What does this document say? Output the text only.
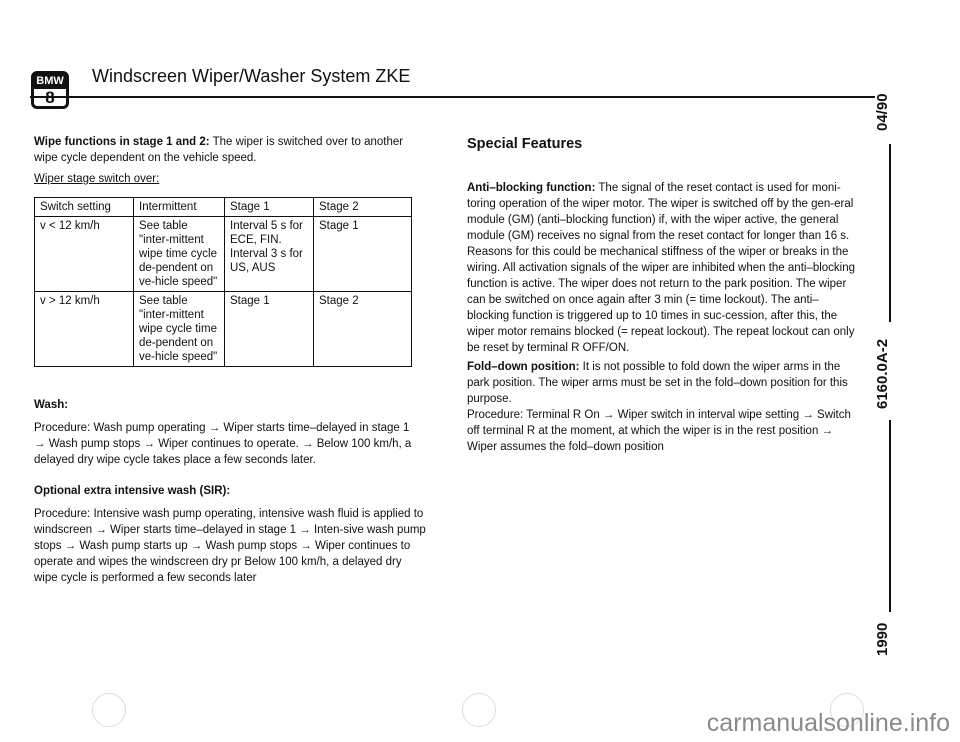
BMW Windscreen Wiper/Washer System ZKE
04/90
6160.0A-2
1990
Wipe functions in stage 1 and 2: The wiper is switched over to another wipe cycle dependent on the vehicle speed.
Wiper stage switch over:
Switch setting	Intermittent	Stage 1	Stage 2
v < 12 km/h	See table "inter-mittent wipe time cycle de-pendent on ve-hicle speed"	Interval 5 s for ECE, FIN. Interval 3 s for US, AUS	Stage 1
v > 12 km/h	See table "inter-mittent wipe cycle time de-pendent on ve-hicle speed"	Stage 1	Stage 2
Wash:
Procedure: Wash pump operating → Wiper starts time–delayed in stage 1 → Wash pump stops → Wiper continues to operate. → Below 100 km/h, a delayed dry wipe cycle takes place a few seconds later.
Optional extra intensive wash (SIR):
Procedure: Intensive wash pump operating, intensive wash fluid is applied to windscreen → Wiper starts time–delayed in stage 1 → Inten-sive wash pump stops → Wash pump starts up → Wash pump stops → Wiper continues to operate and wipes the windscreen dry pr Below 100 km/h, a delayed dry wipe cycle is performed a few seconds later
Special Features
Anti–blocking function: The signal of the reset contact is used for moni-toring operation of the wiper motor. The wiper is switched off by the gen-eral module (GM) (anti–blocking function) if, with the wiper active, the general module (GM) receives no signal from the reset contact for longer than 16 s. Reasons for this could be mechanical stiffness of the wiper or breaks in the wiring. All activation signals of the wiper are inhibited when the anti–blocking function is active. The wiper does not return to the park position. The wiper can be switched on once again after 3 min (= time lockout). The anti–blocking function is triggered up to 10 times in suc-cession, after this, the wiper motor remains blocked (= repeat lockout). The repeat lockout can only be reset by terminal R OFF/ON.
Fold–down position: It is not possible to fold down the wiper arms in the park position. The wiper arms must be set in the fold–down position for this purpose.
Procedure: Terminal R On → Wiper switch in interval wipe setting → Switch off terminal R at the moment, at which the wiper is in the rest position → Wiper assumes the fold–down position
carmanualsonline.info
